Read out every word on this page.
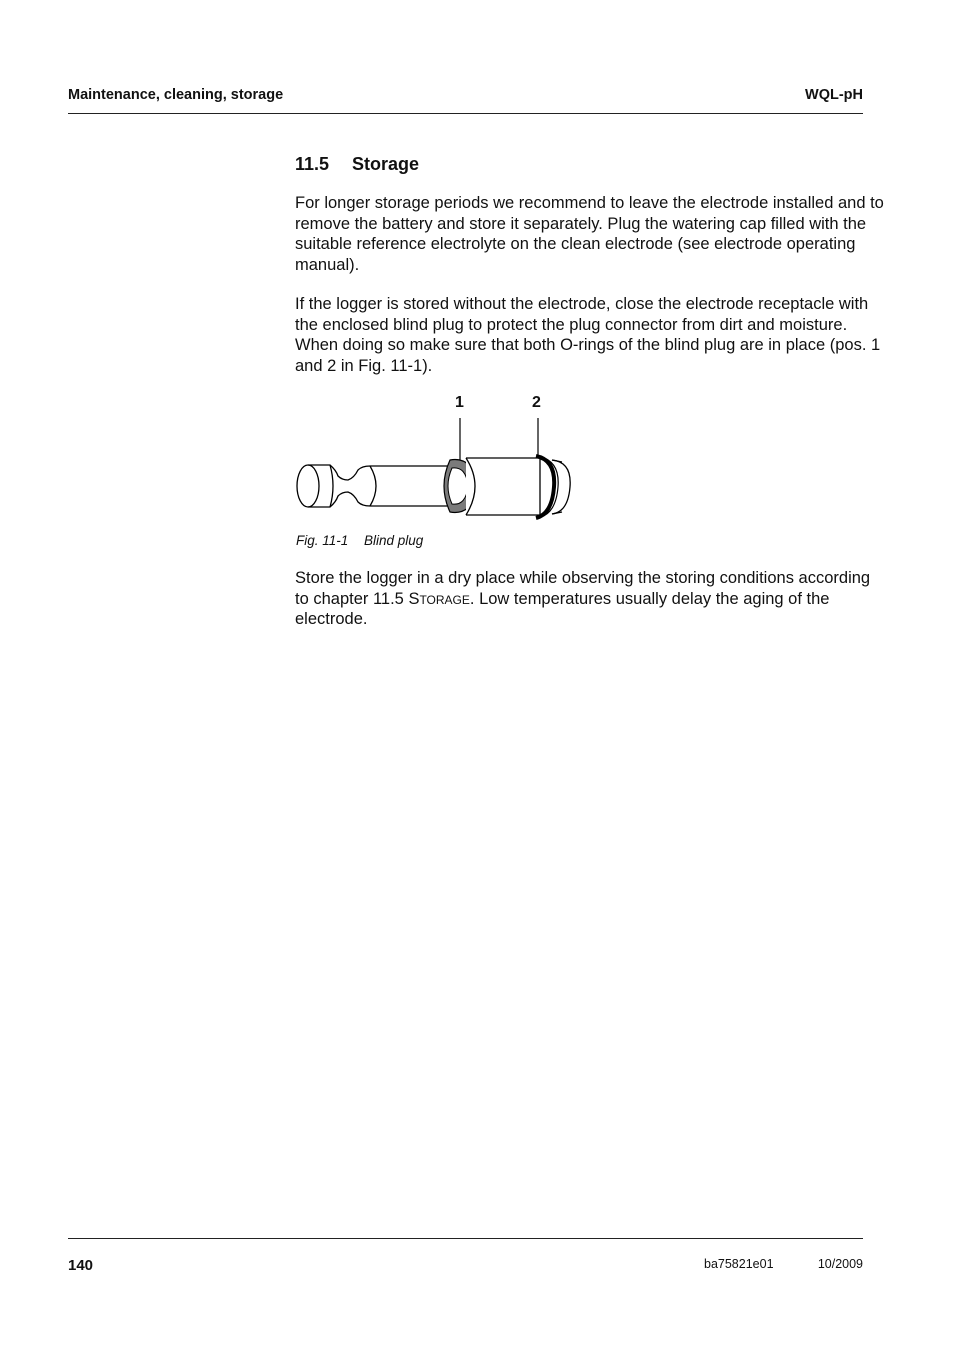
Maintenance, cleaning, storage	WQL-pH
11.5 Storage

For longer storage periods we recommend to leave the electrode installed and to remove the battery and store it separately. Plug the watering cap filled with the suitable reference electrolyte on the clean electrode (see electrode operating manual).

If the logger is stored without the electrode, close the electrode receptacle with the enclosed blind plug to protect the plug connector from dirt and moisture. When doing so make sure that both O-rings of the blind plug are in place (pos. 1 and 2 in Fig. 11-1).

1	2
Fig. 11-1 Blind plug

Store the logger in a dry place while observing the storing conditions according to chapter 11.5 Storage. Low temperatures usually delay the aging of the electrode.

140	ba75821e01	10/2009
